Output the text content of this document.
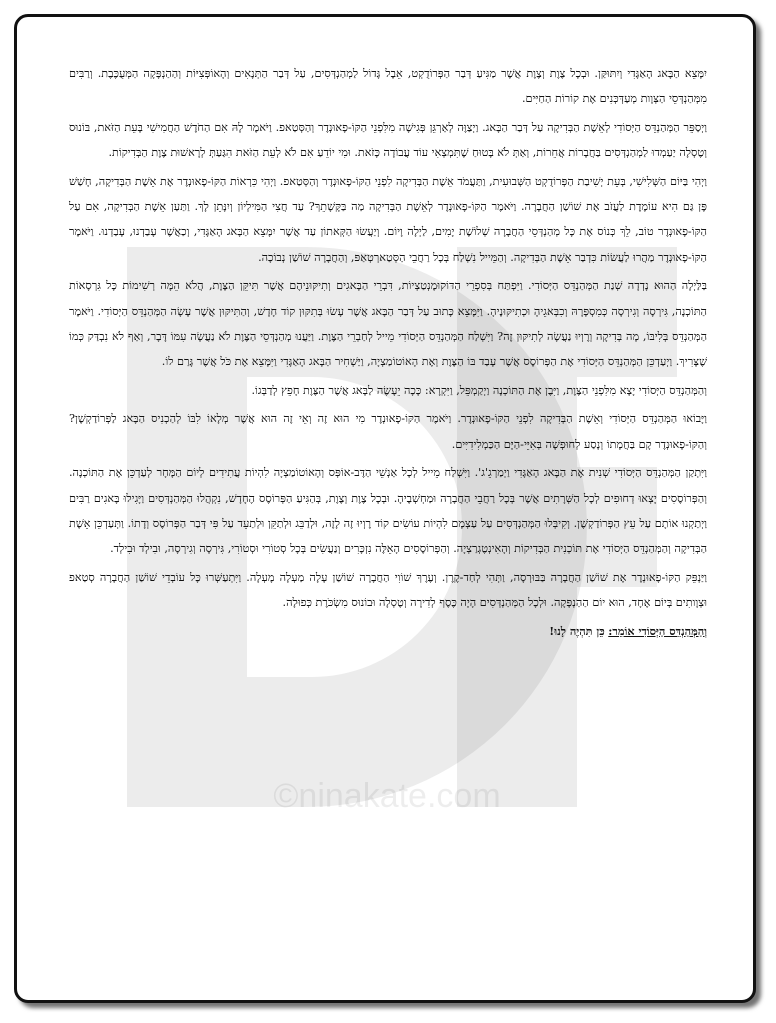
©ninakate.com

יִמָּצֵא הַבָּאג הָאַגָּדִי וְיִתּוּקַּן. וּבְכָל צֶוֶת וְצֶוֶת אֲשֶׁר מַגִּיעַ דְּבַר הַפְּרוֹדֻקְט, אֵבֶל גָּדוֹל לַמְהַנְדְּסִים, עַל דְּבַר הַתְּנָאִים וְהָאוֹפְּצִיּוֹת וְהַהַנְפָּקָה הַמְּעֻכֶּבֶת. וְרַבִּים מִמְּהַנְדְּסֵי הַצְּוָות מְעַדְּכְּנִים אֶת קוֹרוֹת הַחַיִּים.

וַיְסַפֵּר הַמְּהַנְדֵּס הַיְּסוֹדִי לְאֵשֶׁת הַבְּדִיקָה עַל דְּבַר הַבָּאג. וַיְצַוֶּה לְאַרְגֵּן פְּגִישָׁה מִלִּפְנֵי הַקּוֹ-פָאוּנְדֶר וְהַסְּטַאפ. וַיֹּאמֶר לָהּ אִם הַחֹדֶשׁ הַחֲמִישִׁי בָּעֵת הַזֹּאת, בּוֹנוּס וְטֶסְלָה יַעַמְדוּ לַמְהַנְדְּסִים בַּחֲבָרוֹת אֲחֵרוֹת, וְאַתְּ לֹא בָּטוּחַ שֶׁתִּמְצְאִי עוֹד עֲבוֹדָה כָּזֹאת. וּמִי יוֹדֵעַ אִם לֹא לְעֵת הַזֹּאת הִגַּעַתְּ לְרָאשׁוּת צֶוֶת הַבְּדִיקוֹת.

וַיְהִי בַּיּוֹם הַשְּׁלִישִׁי, בְּעֵת יְשִׁיבַת הַפְּרוֹדֻקְט הַשְּׁבוּעִית, וַתַּעֲמֹד אֵשֶׁת הַבְּדִיקָה לִפְנֵי הַקּוֹ-פָאוּנְדֶר וְהַסְּטַאפ. וַיְהִי כִּרְאוֹת הַקּוֹ-פָאוּנְדֶר אֶת אֵשֶׁת הַבְּדִיקָה, חָשַׁשׁ פֶּן גַּם הִיא עוֹמֶדֶת לַעֲזֹב אֶת שׁוֹשַׁן הַחֲבָרָה. וַיֹּאמֶר הַקּוֹ-פָאוּנְדֶר לְאֵשֶׁת הַבְּדִיקָה מַה בַּקָּשָׁתֵךְ? עַד חֲצִי הַמִּילְיוֹן וְיִנָּתֵן לָךְ. וַתַּעַן אֵשֶׁת הַבְּדִיקָה, אִם עַל הַקּוֹ-פָאוּנְדֶר טוֹב, לֵךְ כְּנוֹס אֶת כָּל מְהַנְדְּסֵי הַחֲבָרָה שְׁלוֹשֶׁת יָמִים, לַיְלָה וָיוֹם. וְיַעֲשׂוּ הַקְּאתוֹן עַד אֲשֶׁר יִמָּצֵא הַבָּאג הָאַגָּדִי, וְכַאֲשֶׁר עָבַדְנוּ, עָבַדְנוּ. וַיֹּאמֶר הַקּוֹ-פָאוּנְדֶר מַהֲרוּ לַעֲשׂוֹת כִּדְבַר אֵשֶׁת הַבְּדִיקָה. וְהַמֵּייל נִשְׁלַח בְּכָל רַחֲבֵי הַסְּטַארְטְאַפּ, וְהַחֲבָרָה שׁוֹשַׁן נְבוֹכָה.

בַּלַּיְלָה הַהוּא נָדְדָה שְׁנַת הַמְּהַנְדֵּס הַיְּסוֹדִי. וַיִּפְתַּח בְּסִפְרֵי הַדּוֹקוּמֶנְטַצְיוֹת, דִּבְרֵי הַבָּאגִים וְתִיקּוּנֵיהֶם אֲשֶׁר תִּיקֵּן הַצֶּוֶת, הֲלֹא הֵמָּה רְשִׁימוֹת כָּל גִּרְסָאוֹת הַתּוֹכְנָה, גִּירְסָה וְגִירְסָה כְּמִסְפָּרָהּ וְכִבְּאגֵיהָ וּכְתִיקּוּנֶיהָ. וַיִּמָּצֵא כָּתוּב עַל דְּבַר הַבָּאג אֲשֶׁר עָשׂוּ בְּתִקּוּן קוֹד חָדָשׁ, וְהַתִּיקּוּן אֲשֶׁר עָשָׂה הַמְּהַנְדֵּס הַיְּסוֹדִי. וַיֹּאמֶר הַמְּהַנְדֵּס בְּלִיבּוֹ, מָה בְּדִיקָה וְרֶוְיוּ נַעֲשָׂה לְתִיקּוּן זֶה? וַיִּשְׁלַח הַמְּהַנְדֵּס הַיְּסוֹדִי מֵייל לְחַבְרֵי הַצֶּוֶת. וַיַּעֲנוּ מְהַנְדְּסֵי הַצֶּוֶת לֹא נַעֲשָׂה עִמּוֹ דָּבָר, וְאַף לֹא נִבְדַּק כְּמוֹ שֶׁצָּרִיךְ. וַיְעַדְכֵּן הַמְּהַנְדֵּס הַיְּסוֹדִי אֶת הַפְּרוֹסֶס אֲשֶׁר עָבַד בּוֹ הַצֶּוֶת וְאֶת הָאוֹטוֹמַצְיָה, וַיַּשְׁחִיר הַבָּאג הָאַגָּדִי וַיִּמָּצֵא אֶת כֹּל אֲשֶׁר גָּרַם לוֹ.

וְהַמְּהַנְדֵּס הַיְּסוֹדִי יָצָא מִלִּפְנֵי הַצֶּוֶת, וַיִּבֶן אֶת הַתּוֹכְנָה וַיְקַמְפֵּל, וַיִּקְרָא: כָּכָה יֵעָשֶׂה לַבָּאג אֲשֶׁר הַצֶּוֶת חָפֵץ לְדַבְּגוֹ.

וַיָּבוֹאוּ הַמְּהַנְדֵּס הַיְּסוֹדִי וְאֵשֶׁת הַבְּדִיקָה לִפְנֵי הַקּוֹ-פָאוּנְדֶר. וַיֹּאמֶר הַקּוֹ-פָאוּנְדֶר מִי הוּא זֶה וְאֵי זֶה הוּא אֲשֶׁר מְלָאוֹ לִבּוֹ לְהַכְנִיס הַבָּאג לַפְּרוֹדַקְשֶׁן? וְהַקּוֹ-פָאוּנְדֶר קָם בַּחֲמָתוֹ וְנָסַע לְחוּפְשָׁה בְּאִיֵּי-הַיָּם הַכַּמְלִידִיִּים.

וַיִּתְקַן הַמְּהַנְדֵּס הַיְּסוֹדִי שְׁנִית אֶת הַבָּאג הָאַגָּדִי וַיְמַרְגֵ'ג'. וַיִּשְׁלַח מֵייל לְכָל אַנְשֵׁי הַדֶּב-אוֹפְּס וְהָאוֹטוֹמַצְיָה לִהְיוֹת עֲתִידִים לְיוֹם הַמָּחָר לְעַדְכֵּן אֶת הַתּוֹכְנָה. וְהַפְּרוֹסֶסִים יָצְאוּ דְחוּפִים לְכָל הַשְּׁרָתִים אֲשֶׁר בְּכָל רַחֲבֵי הַחֲבָרָה וּמַחְשְׁבֶיהָ. וּבְכָל צֶוֶת וְצֶוֶת, בְּהַגִּיעַ הַפְּרוֹסֶס הֶחָדָשׁ, נִקְהֲלוּ הַמְּהַנְדְּסִים וַיָּגִילוּ בָּאגִים רַבִּים וַיְתַקְנוּ אוֹתָם עַל עֵץ הַפְּרוֹדַקְשֶׁן. וְקִיבְּלוּ הַמְּהַנְדְּסִים עַל עַצְמָם לִהְיוֹת עוֹשִׂים קוֹד רֶוְיוּ זֶה לָזֶה, וּלְדַבֵּג וּלְתַקֵּן וּלְתַעֵד עַל פִּי דְּבַר הַפְּרוֹסֶס וְדָתוֹ. וַתְּעַדְכֵּן אֵשֶׁת הַבְּדִיקָה וְהַמְּהַנְדֵּס הַיְּסוֹדִי אֶת תּוֹכְנִית הַבְּדִיקוֹת וְהָאִינְטֶגְרַצְיָה. וְהַפְּרוֹסֶסִים הָאֵלֶּה נִזְכָּרִים וְנַעֲשִׂים בְּכָל סְטוֹרִי וּסְטוֹרִי, גִּירְסָה וְגִירְסָה, וּבִילְד וּבִילְד.

וַיַּנְפֵּק הַקּוֹ-פָאוּנְדֶר אֶת שׁוֹשַׁן הַחֲבָרָה בַּבּוּרְסָה, וַתְּהִי לְחַד-קֶרֶן. וְעֶרֶךְ שׁוֹוִי הַחֲבָרָה שׁוֹשַׁן עָלָה מַעְלָה מָעְלָה. וַיִּתְעַשְּׁרוּ כָּל עוֹבְדֵי שׁוֹשַׁן הַחֲבָרָה סְטַאפ וּצְוָותִים בְּיוֹם אֶחָד, הוּא יוֹם הַהַנְפָּקָה. וּלְכָל הַמְּהַנְדְּסִים הָיָה כֶּסֶף לְדִירָה וְטֶסְלָה וּבוֹנוּס מִשְׂכֹּרֶת כְּפוּלָה.

וְהַמְּהַנְדֵּס הַיְּסוֹדִי אוֹמֵר: כֵּן תִּהְיֶה לָנוּ!
